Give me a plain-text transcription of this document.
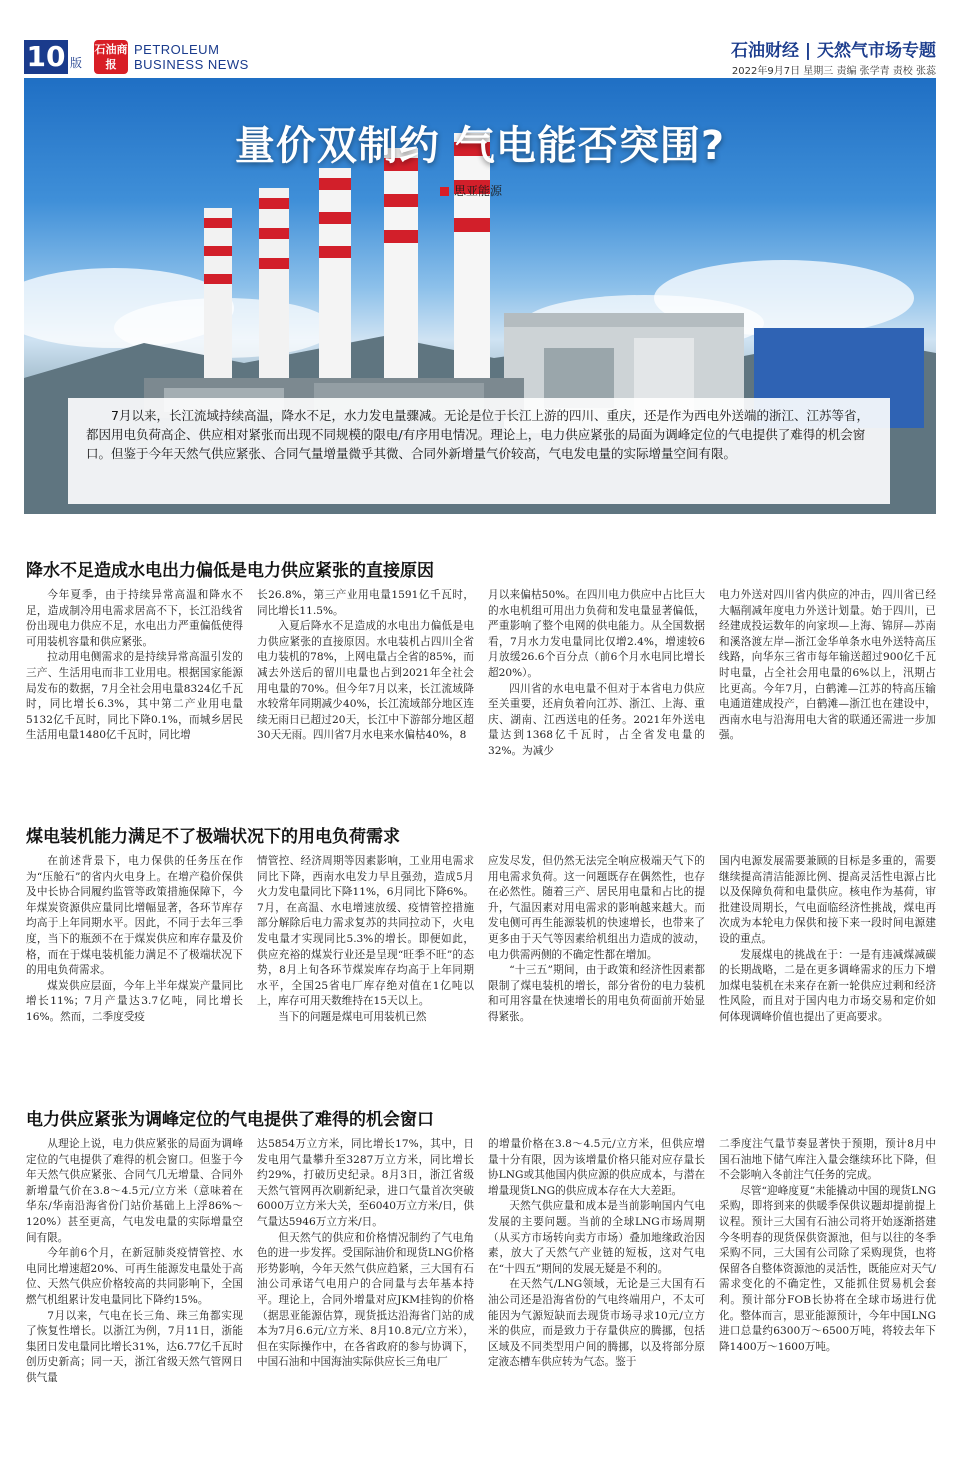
10 版
石油商报
PETROLEUM
BUSINESS NEWS
石油财经 | 天然气市场专题
2022年9月7日 星期三 责编 张学青 责校 张蕊
量价双制约 气电能否突围?
思亚能源
7月以来，长江流域持续高温，降水不足，水力发电量骤减。无论是位于长江上游的四川、重庆，还是作为西电外送端的浙江、江苏等省，都因用电负荷高企、供应相对紧张而出现不同规模的限电/有序用电情况。理论上，电力供应紧张的局面为调峰定位的气电提供了难得的机会窗口。但鉴于今年天然气供应紧张、合同气量增量微乎其微、合同外新增量气价较高，气电发电量的实际增量空间有限。
降水不足造成水电出力偏低是电力供应紧张的直接原因

今年夏季，由于持续异常高温和降水不足，造成制冷用电需求居高不下，长江沿线省份出现电力供应不足，水电出力严重偏低使得可用装机容量和供应紧张。

拉动用电侧需求的是持续异常高温引发的三产、生活用电而非工业用电。根据国家能源局发布的数据，7月全社会用电量8324亿千瓦时，同比增长6.3%，其中第二产业用电量5132亿千瓦时，同比下降0.1%，而城乡居民生活用电量1480亿千瓦时，同比增

长26.8%，第三产业用电量1591亿千瓦时，同比增长11.5%。

入夏后降水不足造成的水电出力偏低是电力供应紧张的直接原因。水电装机占四川全省电力装机的78%，上网电量占全省的85%，而减去外送后的留川电量也占到2021年全社会用电量的70%。但今年7月以来，长江流域降水较常年同期减少40%，长江流域部分地区连续无雨日已超过20天，长江中下游部分地区超30天无雨。四川省7月水电来水偏枯40%，8

月以来偏枯50%。在四川电力供应中占比巨大的水电机组可用出力负荷和发电量显著偏低，严重影响了整个电网的供电能力。从全国数据看，7月水力发电量同比仅增2.4%，增速较6月放缓26.6个百分点（前6个月水电同比增长超20%）。

四川省的水电电量不但对于本省电力供应至关重要，还肩负着向江苏、浙江、上海、重庆、湖南、江西送电的任务。2021年外送电量达到1368亿千瓦时，占全省发电量的32%。为减少

电力外送对四川省内供应的冲击，四川省已经大幅削减年度电力外送计划量。始于四川，已经建成投运数年的向家坝—上海、锦屏—苏南和溪洛渡左岸—浙江金华单条水电外送特高压线路，向华东三省市每年输送超过900亿千瓦时电量，占全社会用电量的6%以上，汛期占比更高。今年7月，白鹤滩—江苏的特高压输电通道建成投产，白鹤滩—浙江也在建设中，西南水电与沿海用电大省的联通还需进一步加强。

煤电装机能力满足不了极端状况下的用电负荷需求

在前述背景下，电力保供的任务压在作为“压舱石”的省内火电身上。在增产稳价保供及中长协合同履约监管等政策措施保障下，今年煤炭资源供应量同比增幅显著，各环节库存均高于上年同期水平。因此，不同于去年三季度，当下的瓶颈不在于煤炭供应和库存量及价格，而在于煤电装机能力满足不了极端状况下的用电负荷需求。

煤炭供应层面，今年上半年煤炭产量同比增长11%；7月产量达3.7亿吨，同比增长16%。然而，二季度受疫

情管控、经济周期等因素影响，工业用电需求同比下降，西南水电发力早且强劲，造成5月火力发电量同比下降11%，6月同比下降6%。7月，在高温、水电增速放缓、疫情管控措施部分解除后电力需求复苏的共同拉动下，火电发电量才实现同比5.3%的增长。即便如此，供应充裕的煤炭行业还是呈现“旺季不旺”的态势，8月上旬各环节煤炭库存均高于上年同期水平，全国25省电厂库存绝对值在1亿吨以上，库存可用天数维持在15天以上。

当下的问题是煤电可用装机已然

应发尽发，但仍然无法完全响应极端天气下的用电需求负荷。这一问题既存在偶然性，也存在必然性。随着三产、居民用电量和占比的提升，气温因素对用电需求的影响越来越大。而发电侧可再生能源装机的快速增长，也带来了更多由于天气等因素给机组出力造成的波动，电力供需两侧的不确定性都在增加。

“十三五”期间，由于政策和经济性因素都限制了煤电装机的增长，部分省份的电力装机和可用容量在快速增长的用电负荷面前开始显得紧张。

国内电源发展需要兼顾的目标是多重的，需要继续提高清洁能源比例、提高灵活性电源占比以及保障负荷和电量供应。核电作为基荷，审批建设周期长，气电面临经济性挑战，煤电再次成为本轮电力保供和接下来一段时间电源建设的重点。

发展煤电的挑战在于：一是有违减煤减碳的长期战略，二是在更多调峰需求的压力下增加煤电装机在未来存在新一轮供应过剩和经济性风险，而且对于国内电力市场交易和定价如何体现调峰价值也提出了更高要求。

电力供应紧张为调峰定位的气电提供了难得的机会窗口

从理论上说，电力供应紧张的局面为调峰定位的气电提供了难得的机会窗口。但鉴于今年天然气供应紧张、合同气几无增量、合同外新增量气价在3.8～4.5元/立方米（意味着在华东/华南沿海省份门站价基础上上浮86%～120%）甚至更高，气电发电量的实际增量空间有限。

今年前6个月，在新冠肺炎疫情管控、水电同比增速超20%、可再生能源发电量处于高位、天然气供应价格较高的共同影响下，全国燃气机组累计发电量同比下降约15%。

7月以来，气电在长三角、珠三角都实现了恢复性增长。以浙江为例，7月11日，浙能集团日发电量同比增长31%，达6.77亿千瓦时创历史新高；同一天，浙江省级天然气管网日供气量

达5854万立方米，同比增长17%，其中，日发电用气量攀升至3287万立方米，同比增长约29%，打破历史纪录。8月3日，浙江省级天然气管网再次刷新纪录，进口气量首次突破6000万立方米大关，至6040万立方米/日，供气量达5946万立方米/日。

但天然气的供应和价格情况制约了气电角色的进一步发挥。受国际油价和现货LNG价格形势影响，今年天然气供应趋紧，三大国有石油公司承诺气电用户的合同量与去年基本持平。理论上，合同外增量对应JKM挂钩的价格（据思亚能源估算，现货抵达沿海省门站的成本为7月6.6元/立方米、8月10.8元/立方米），但在实际操作中，在各省政府的参与协调下，中国石油和中国海油实际供应长三角电厂

的增量价格在3.8～4.5元/立方米，但供应增量十分有限，因为该增量价格只能对应存量长协LNG或其他国内供应源的供应成本，与潜在增量现货LNG的供应成本存在大大差距。

天然气供应量和成本是当前影响国内气电发展的主要问题。当前的全球LNG市场周期（从买方市场转向卖方市场）叠加地缘政治因素，放大了天然气产业链的短板，这对气电在“十四五”期间的发展无疑是不利的。

在天然气/LNG领域，无论是三大国有石油公司还是沿海省份的气电终端用户，不太可能因为气源短缺而去现货市场寻求10元/立方米的供应，而是致力于存量供应的腾挪，包括区域及不同类型用户间的腾挪，以及将部分原定液态槽车供应转为气态。鉴于

二季度注气量节奏显著快于预期，预计8月中国石油地下储气库注入量会继续环比下降，但不会影响入冬前注气任务的完成。

尽管“迎峰度夏”未能撬动中国的现货LNG采购，即将到来的供暖季保供议题却提前提上议程。预计三大国有石油公司将开始逐渐搭建今冬明春的现货保供资源池，但与以往的冬季采购不同，三大国有公司除了采购现货，也将保留各自整体资源池的灵活性，既能应对天气/需求变化的不确定性，又能抓住贸易机会套利。预计部分FOB长协将在全球市场进行优化。整体而言，思亚能源预计，今年中国LNG进口总量约6300万～6500万吨，将较去年下降1400万～1600万吨。
